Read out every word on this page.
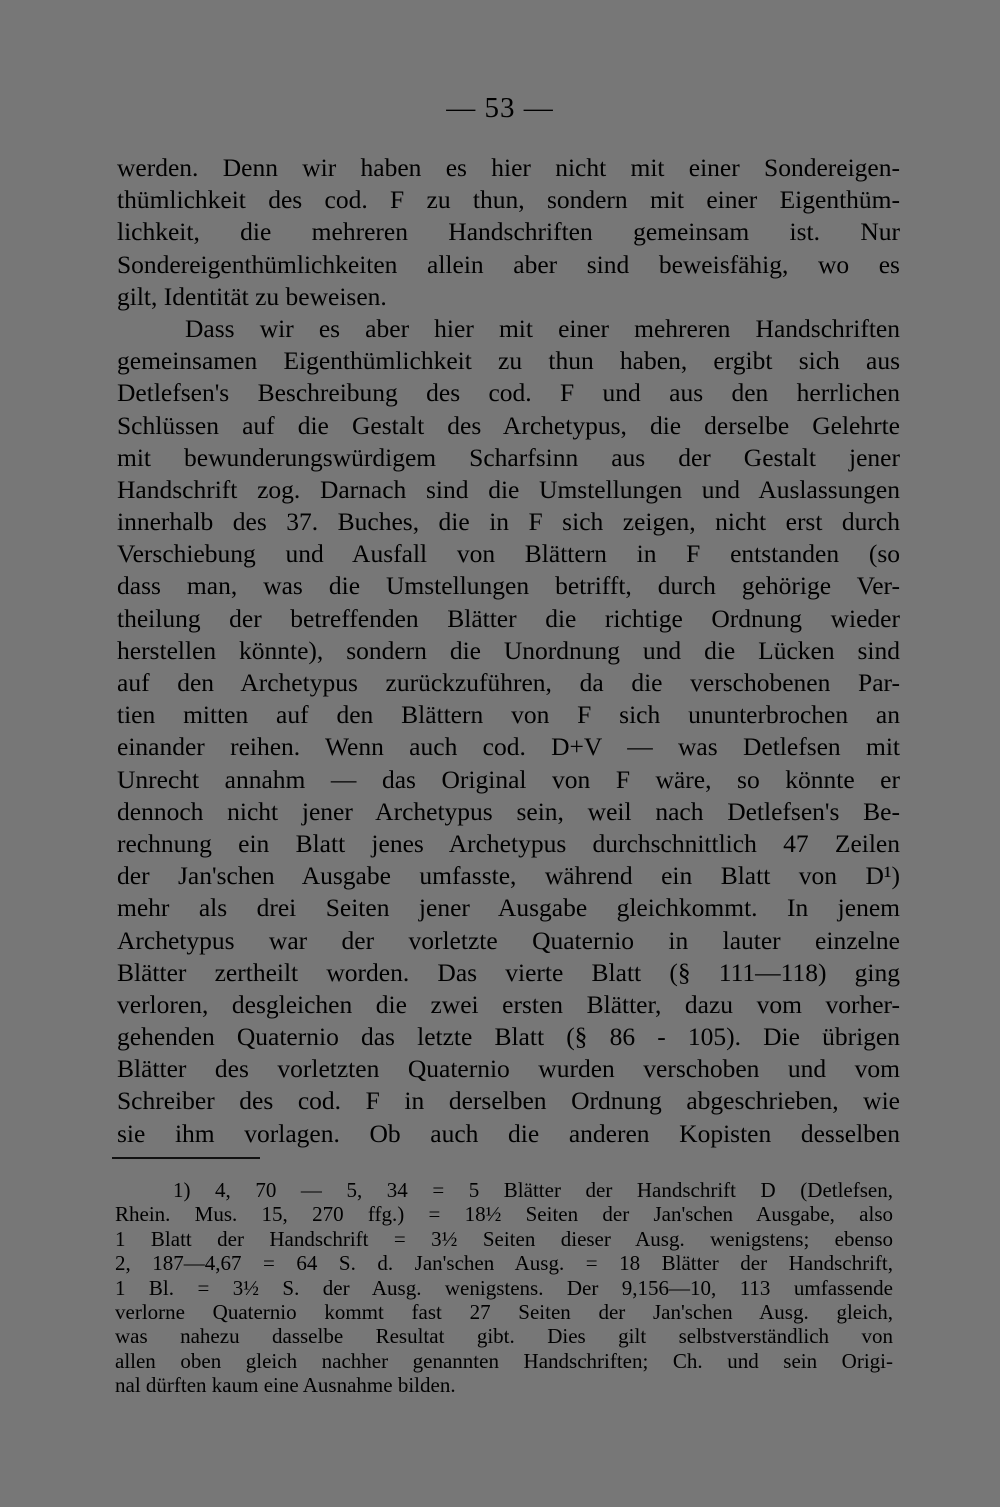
— 53 —
werden. Denn wir haben es hier nicht mit einer Sondereigen-
thümlichkeit des cod. F zu thun, sondern mit einer Eigenthüm-
lichkeit, die mehreren Handschriften gemeinsam ist. Nur
Sondereigenthümlichkeiten allein aber sind beweisfähig, wo es
gilt, Identität zu beweisen.
Dass wir es aber hier mit einer mehreren Handschriften
gemeinsamen Eigenthümlichkeit zu thun haben, ergibt sich aus
Detlefsen's Beschreibung des cod. F und aus den herrlichen
Schlüssen auf die Gestalt des Archetypus, die derselbe Gelehrte
mit bewunderungswürdigem Scharfsinn aus der Gestalt jener
Handschrift zog. Darnach sind die Umstellungen und Auslassungen
innerhalb des 37. Buches, die in F sich zeigen, nicht erst durch
Verschiebung und Ausfall von Blättern in F entstanden (so
dass man, was die Umstellungen betrifft, durch gehörige Ver-
theilung der betreffenden Blätter die richtige Ordnung wieder
herstellen könnte), sondern die Unordnung und die Lücken sind
auf den Archetypus zurückzuführen, da die verschobenen Par-
tien mitten auf den Blättern von F sich ununterbrochen an
einander reihen. Wenn auch cod. D+V — was Detlefsen mit
Unrecht annahm — das Original von F wäre, so könnte er
dennoch nicht jener Archetypus sein, weil nach Detlefsen's Be-
rechnung ein Blatt jenes Archetypus durchschnittlich 47 Zeilen
der Jan'schen Ausgabe umfasste, während ein Blatt von D¹)
mehr als drei Seiten jener Ausgabe gleichkommt. In jenem
Archetypus war der vorletzte Quaternio in lauter einzelne
Blätter zertheilt worden. Das vierte Blatt (§ 111—118) ging
verloren, desgleichen die zwei ersten Blätter, dazu vom vorher-
gehenden Quaternio das letzte Blatt (§ 86 - 105). Die übrigen
Blätter des vorletzten Quaternio wurden verschoben und vom
Schreiber des cod. F in derselben Ordnung abgeschrieben, wie
sie ihm vorlagen. Ob auch die anderen Kopisten desselben
1) 4, 70 — 5, 34 = 5 Blätter der Handschrift D (Detlefsen,
Rhein. Mus. 15, 270 ffg.) = 18½ Seiten der Jan'schen Ausgabe, also
1 Blatt der Handschrift = 3½ Seiten dieser Ausg. wenigstens; ebenso
2, 187—4,67 = 64 S. d. Jan'schen Ausg. = 18 Blätter der Handschrift,
1 Bl. = 3½ S. der Ausg. wenigstens. Der 9,156—10, 113 umfassende
verlorne Quaternio kommt fast 27 Seiten der Jan'schen Ausg. gleich,
was nahezu dasselbe Resultat gibt. Dies gilt selbstverständlich von
allen oben gleich nachher genannten Handschriften; Ch. und sein Origi-
nal dürften kaum eine Ausnahme bilden.
